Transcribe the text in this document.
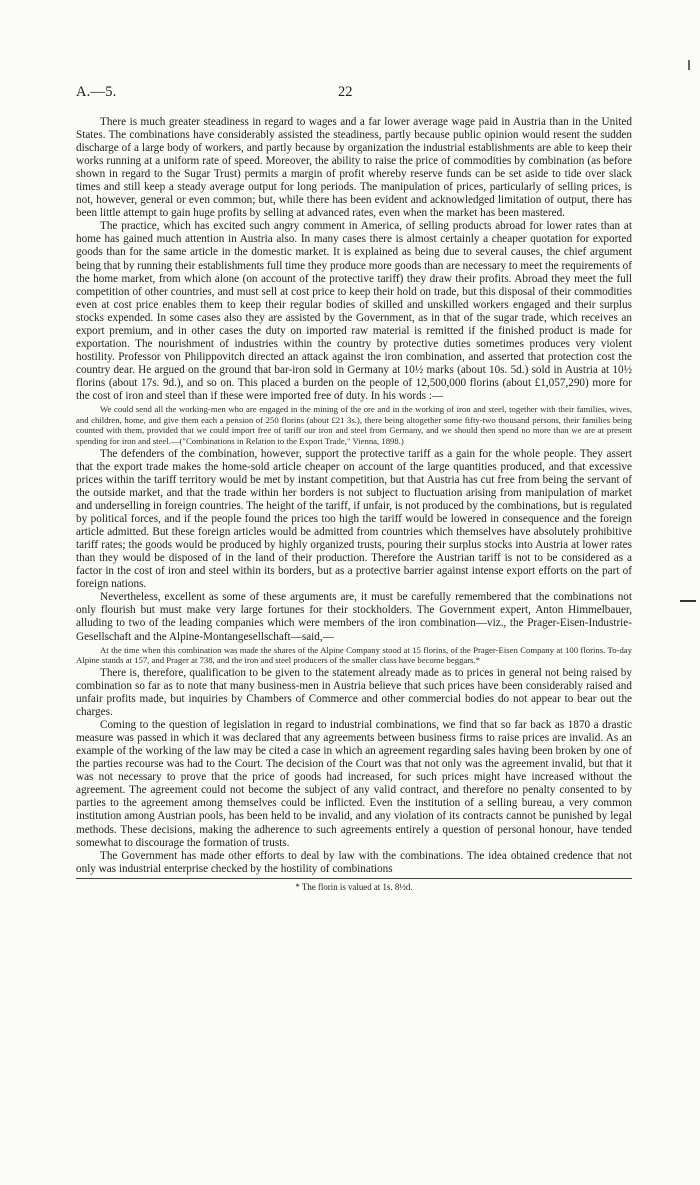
A.—5.	22

There is much greater steadiness in regard to wages and a far lower average wage paid in Austria than in the United States. The combinations have considerably assisted the steadiness, partly because public opinion would resent the sudden discharge of a large body of workers, and partly because by organization the industrial establishments are able to keep their works running at a uniform rate of speed. Moreover, the ability to raise the price of commodities by combination (as before shown in regard to the Sugar Trust) permits a margin of profit whereby reserve funds can be set aside to tide over slack times and still keep a steady average output for long periods. The manipulation of prices, particularly of selling prices, is not, however, general or even common; but, while there has been evident and acknowledged limitation of output, there has been little attempt to gain huge profits by selling at advanced rates, even when the market has been mastered.

The practice, which has excited such angry comment in America, of selling products abroad for lower rates than at home has gained much attention in Austria also. In many cases there is almost certainly a cheaper quotation for exported goods than for the same article in the domestic market. It is explained as being due to several causes, the chief argument being that by running their establishments full time they produce more goods than are necessary to meet the requirements of the home market, from which alone (on account of the protective tariff) they draw their profits. Abroad they meet the full competition of other countries, and must sell at cost price to keep their hold on trade, but this disposal of their commodities even at cost price enables them to keep their regular bodies of skilled and unskilled workers engaged and their surplus stocks expended. In some cases also they are assisted by the Government, as in that of the sugar trade, which receives an export premium, and in other cases the duty on imported raw material is remitted if the finished product is made for exportation. The nourishment of industries within the country by protective duties sometimes produces very violent hostility. Professor von Philippovitch directed an attack against the iron combination, and asserted that protection cost the country dear. He argued on the ground that bar-iron sold in Germany at 10½ marks (about 10s. 5d.) sold in Austria at 10½ florins (about 17s. 9d.), and so on. This placed a burden on the people of 12,500,000 florins (about £1,057,290) more for the cost of iron and steel than if these were imported free of duty. In his words :—

We could send all the working-men who are engaged in the mining of the ore and in the working of iron and steel, together with their families, wives, and children, home, and give them each a pension of 250 florins (about £21 3s.), there being altogether some fifty-two thousand persons, their families being counted with them, provided that we could import free of tariff our iron and steel from Germany, and we should then spend no more than we are at present spending for iron and steel.—("Combinations in Relation to the Export Trade," Vienna, 1898.)

The defenders of the combination, however, support the protective tariff as a gain for the whole people. They assert that the export trade makes the home-sold article cheaper on account of the large quantities produced, and that excessive prices within the tariff territory would be met by instant competition, but that Austria has cut free from being the servant of the outside market, and that the trade within her borders is not subject to fluctuation arising from manipulation of market and underselling in foreign countries. The height of the tariff, if unfair, is not produced by the combinations, but is regulated by political forces, and if the people found the prices too high the tariff would be lowered in consequence and the foreign article admitted. But these foreign articles would be admitted from countries which themselves have absolutely prohibitive tariff rates; the goods would be produced by highly organized trusts, pouring their surplus stocks into Austria at lower rates than they would be disposed of in the land of their production. Therefore the Austrian tariff is not to be considered as a factor in the cost of iron and steel within its borders, but as a protective barrier against intense export efforts on the part of foreign nations.

Nevertheless, excellent as some of these arguments are, it must be carefully remembered that the combinations not only flourish but must make very large fortunes for their stockholders. The Government expert, Anton Himmelbauer, alluding to two of the leading companies which were members of the iron combination—viz., the Prager-Eisen-Industrie-Gesellschaft and the Alpine-Montangesellschaft—said,—

At the time when this combination was made the shares of the Alpine Company stood at 15 florins, of the Prager-Eisen Company at 100 florins. To-day Alpine stands at 157, and Prager at 738, and the iron and steel producers of the smaller class have become beggars.*

There is, therefore, qualification to be given to the statement already made as to prices in general not being raised by combination so far as to note that many business-men in Austria believe that such prices have been considerably raised and unfair profits made, but inquiries by Chambers of Commerce and other commercial bodies do not appear to bear out the charges.

Coming to the question of legislation in regard to industrial combinations, we find that so far back as 1870 a drastic measure was passed in which it was declared that any agreements between business firms to raise prices are invalid. As an example of the working of the law may be cited a case in which an agreement regarding sales having been broken by one of the parties recourse was had to the Court. The decision of the Court was that not only was the agreement invalid, but that it was not necessary to prove that the price of goods had increased, for such prices might have increased without the agreement. The agreement could not become the subject of any valid contract, and therefore no penalty consented to by parties to the agreement among themselves could be inflicted. Even the institution of a selling bureau, a very common institution among Austrian pools, has been held to be invalid, and any violation of its contracts cannot be punished by legal methods. These decisions, making the adherence to such agreements entirely a question of personal honour, have tended somewhat to discourage the formation of trusts.

The Government has made other efforts to deal by law with the combinations. The idea obtained credence that not only was industrial enterprise checked by the hostility of combinations

* The florin is valued at 1s. 8½d.
